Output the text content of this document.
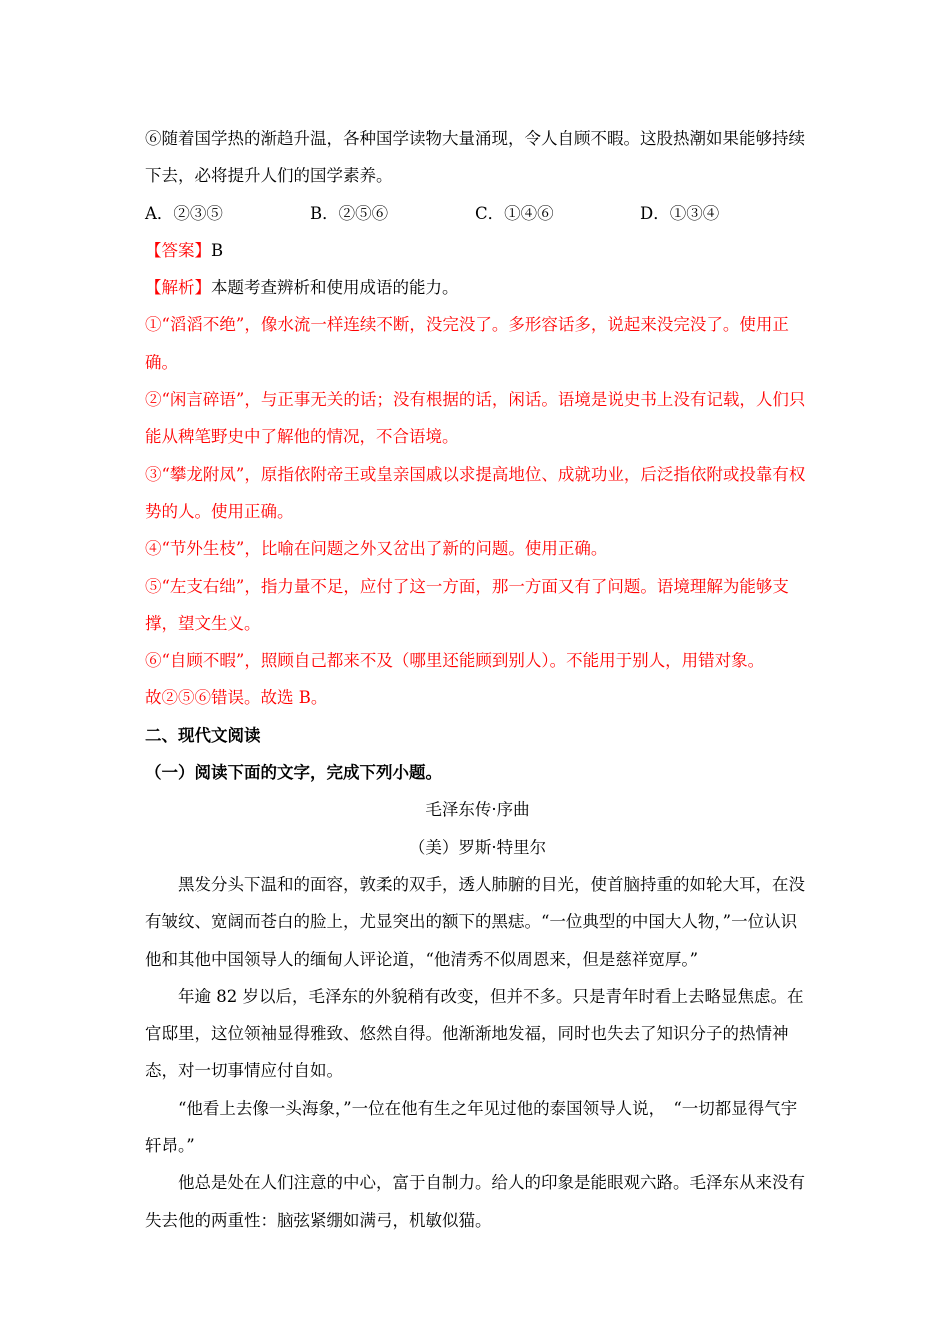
⑥随着国学热的渐趋升温，各种国学读物大量涌现，令人自顾不暇。这股热潮如果能够持续下去，必将提升人们的国学素养。

A．②③⑤	B．②⑤⑥	C．①④⑥	D．①③④

【答案】B

【解析】本题考查辨析和使用成语的能力。

①“滔滔不绝”，像水流一样连续不断，没完没了。多形容话多，说起来没完没了。使用正确。

②“闲言碎语”，与正事无关的话；没有根据的话，闲话。语境是说史书上没有记载，人们只能从稗笔野史中了解他的情况，不合语境。

③“攀龙附凤”，原指依附帝王或皇亲国戚以求提高地位、成就功业，后泛指依附或投靠有权势的人。使用正确。

④“节外生枝”，比喻在问题之外又岔出了新的问题。使用正确。

⑤“左支右绌”，指力量不足，应付了这一方面，那一方面又有了问题。语境理解为能够支撑，望文生义。

⑥“自顾不暇”，照顾自己都来不及（哪里还能顾到别人）。不能用于别人，用错对象。

故②⑤⑥错误。故选 B。

二、现代文阅读

（一）阅读下面的文字，完成下列小题。

毛泽东传·序曲

（美）罗斯·特里尔

黑发分头下温和的面容，敦柔的双手，透人肺腑的目光，使首脑持重的如轮大耳，在没有皱纹、宽阔而苍白的脸上，尤显突出的额下的黑痣。“一位典型的中国大人物，”一位认识他和其他中国领导人的缅甸人评论道，“他清秀不似周恩来，但是慈祥宽厚。”

年逾 82 岁以后，毛泽东的外貌稍有改变，但并不多。只是青年时看上去略显焦虑。在官邸里，这位领袖显得雅致、悠然自得。他渐渐地发福，同时也失去了知识分子的热情神态，对一切事情应付自如。

“他看上去像一头海象，”一位在他有生之年见过他的泰国领导人说，　“一切都显得气宇轩昂。”

他总是处在人们注意的中心，富于自制力。给人的印象是能眼观六路。毛泽东从来没有失去他的两重性：脑弦紧绷如满弓，机敏似猫。
